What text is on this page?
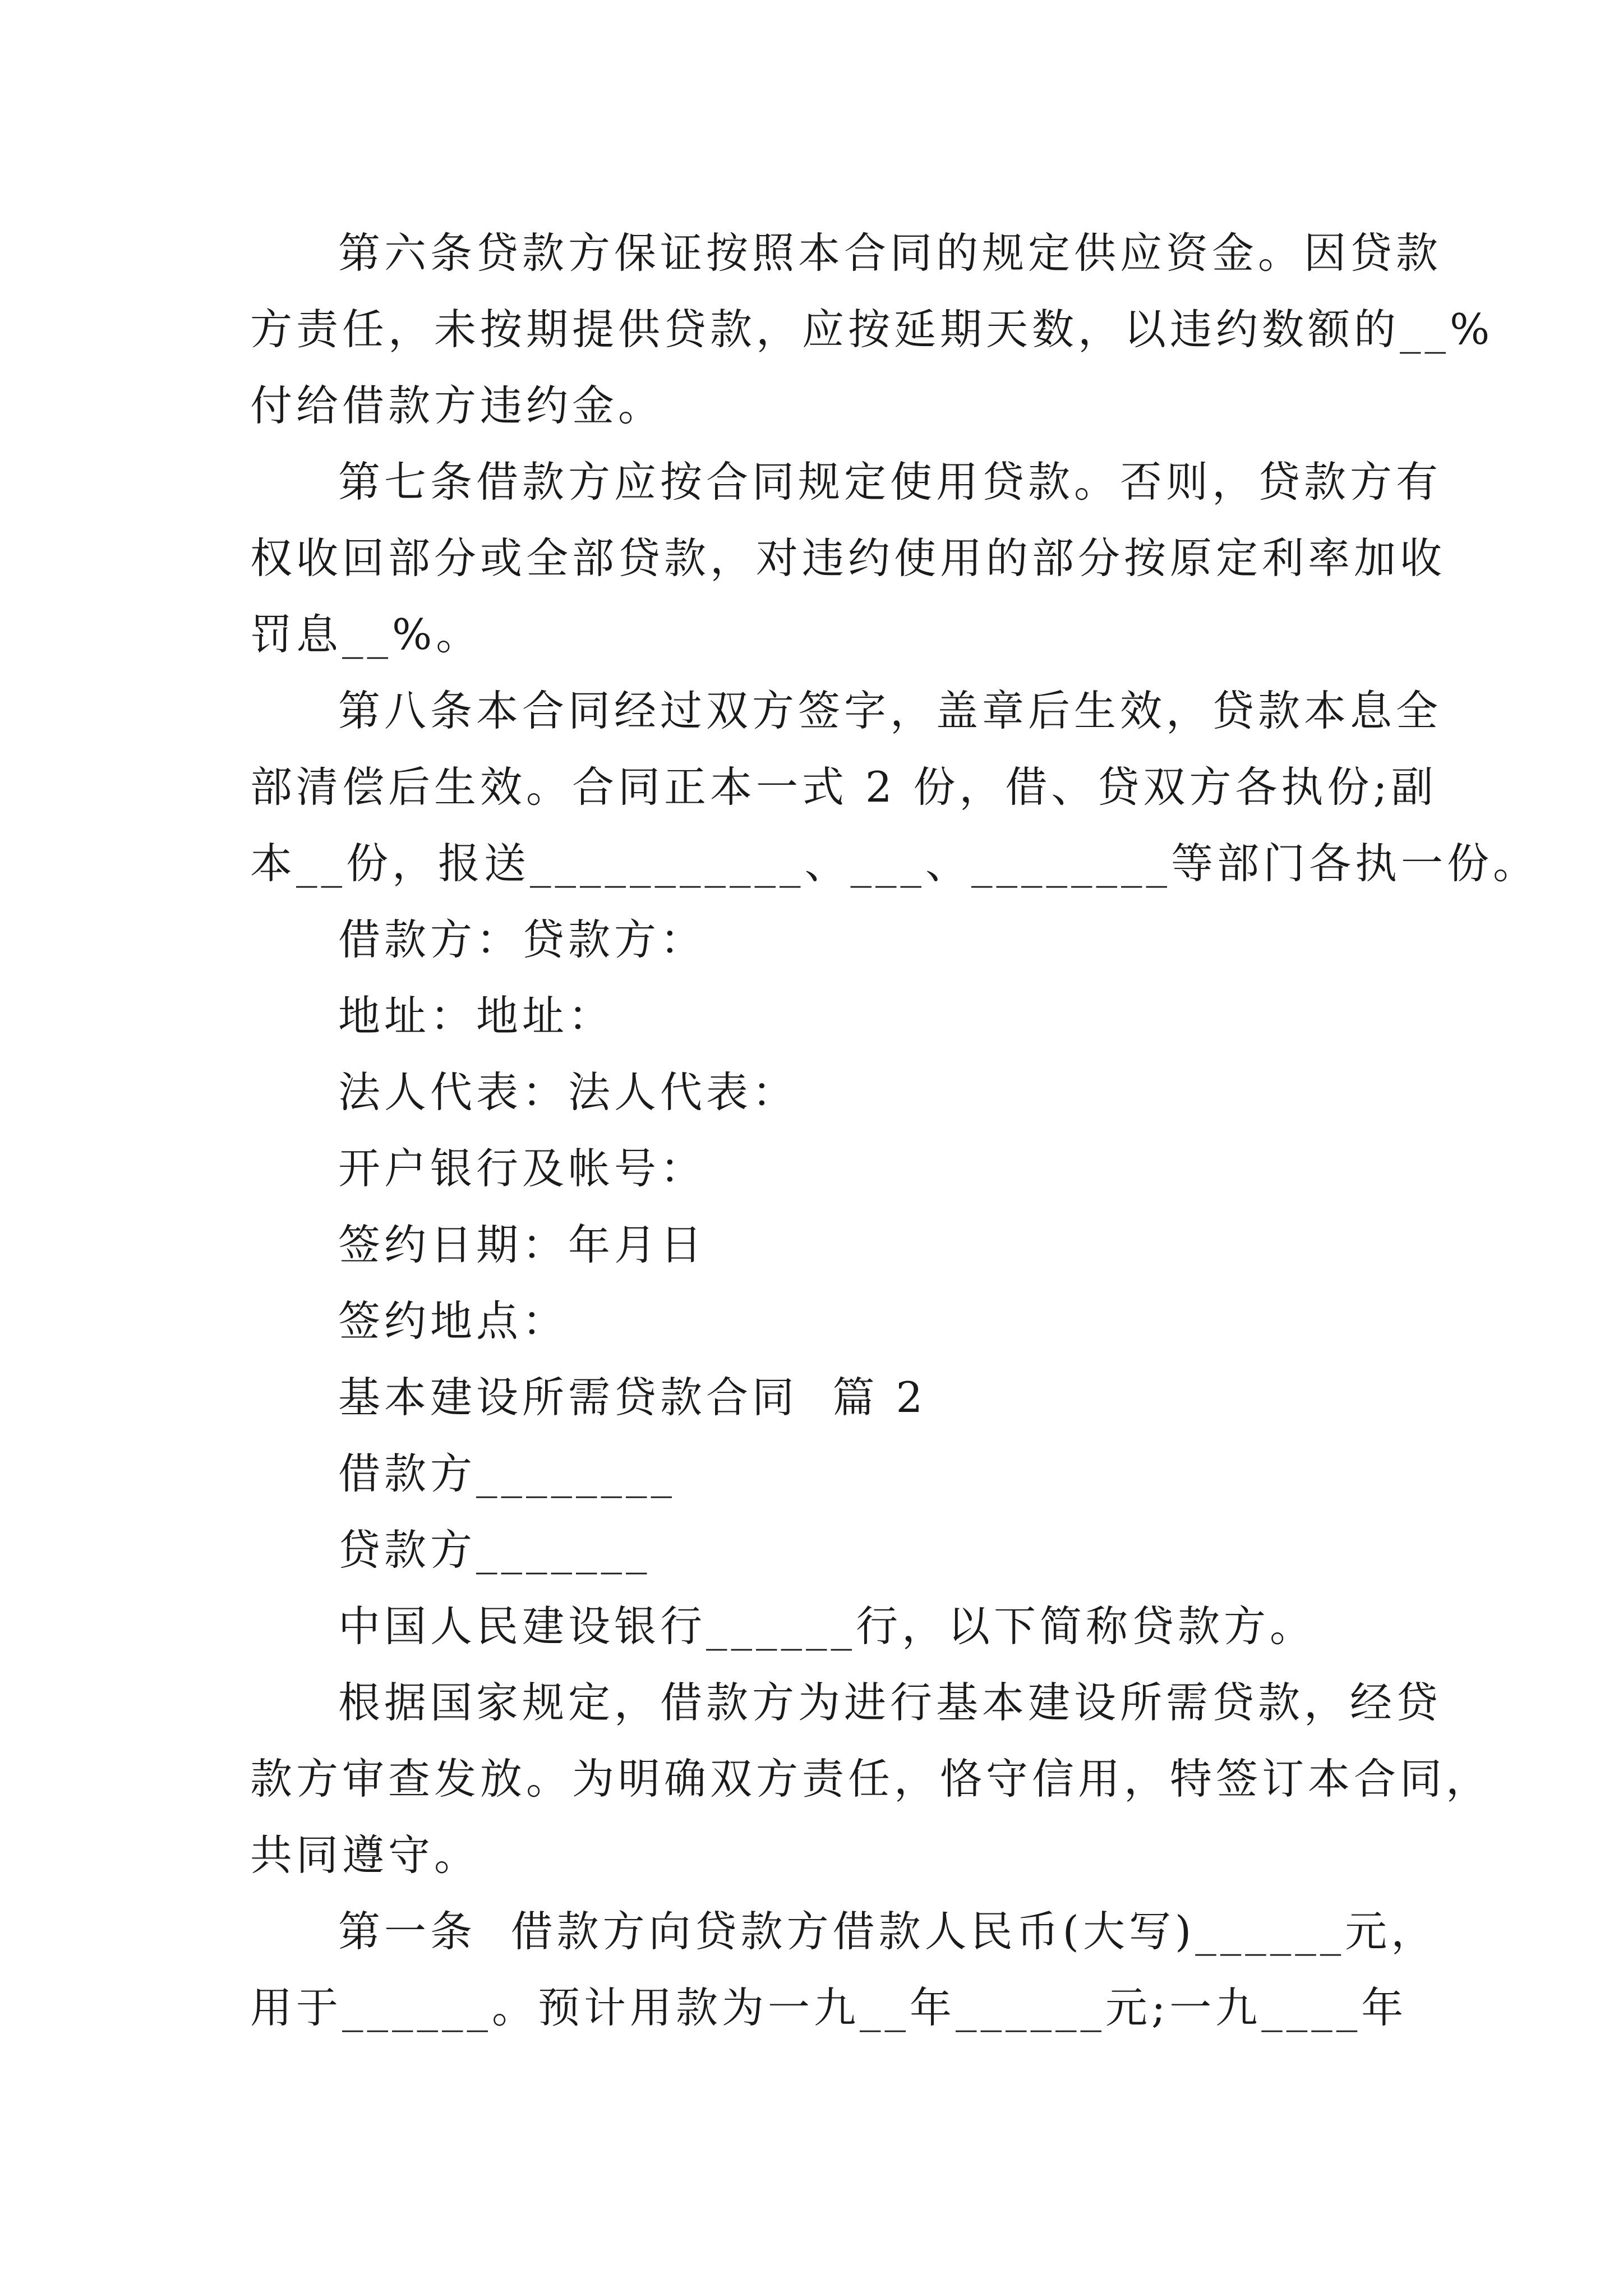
第六条贷款方保证按照本合同的规定供应资金。因贷款
方责任，未按期提供贷款，应按延期天数，以违约数额的__%
付给借款方违约金。
第七条借款方应按合同规定使用贷款。否则，贷款方有
权收回部分或全部贷款，对违约使用的部分按原定利率加收
罚息__%。
第八条本合同经过双方签字，盖章后生效，贷款本息全
部清偿后生效。合同正本一式 2 份，借、贷双方各执份;副
本__份，报送___________、___、________等部门各执一份。
借款方：贷款方：
地址：地址：
法人代表：法人代表：
开户银行及帐号：
签约日期：年月日
签约地点：
基本建设所需贷款合同  篇 2
借款方________
贷款方_______
中国人民建设银行______行，以下简称贷款方。
根据国家规定，借款方为进行基本建设所需贷款，经贷
款方审查发放。为明确双方责任，恪守信用，特签订本合同，
共同遵守。
第一条  借款方向贷款方借款人民币(大写)______元，
用于______。预计用款为一九__年______元;一九____年
